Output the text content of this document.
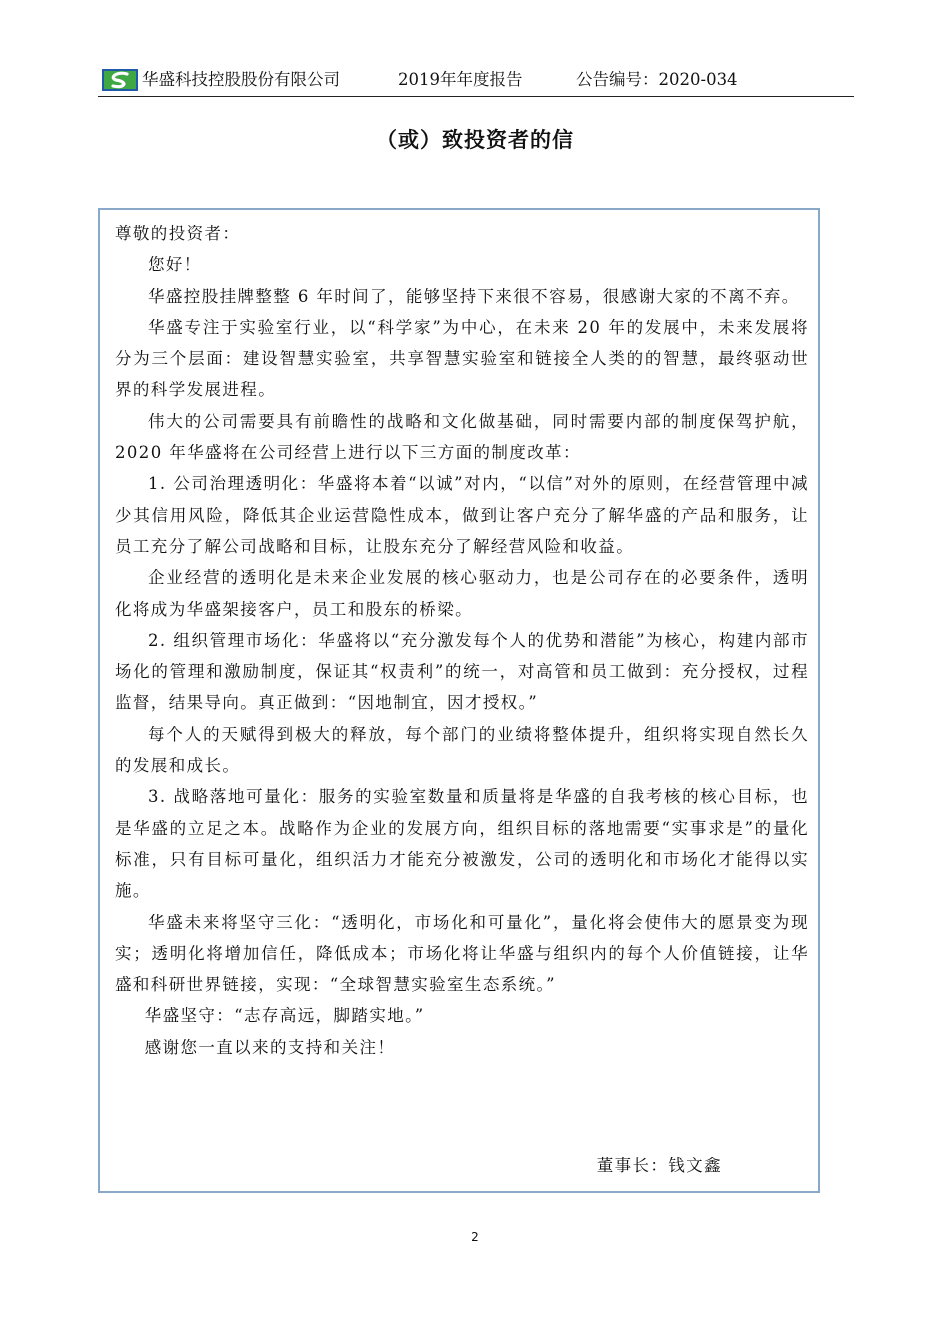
华盛科技控股股份有限公司	2019年年度报告	公告编号：2020-034
（或）致投资者的信

尊敬的投资者：

您好！

华盛控股挂牌整整 6 年时间了，能够坚持下来很不容易，很感谢大家的不离不弃。

华盛专注于实验室行业，以“科学家”为中心，在未来 20 年的发展中，未来发展将分为三个层面：建设智慧实验室，共享智慧实验室和链接全人类的的智慧，最终驱动世界的科学发展进程。

伟大的公司需要具有前瞻性的战略和文化做基础，同时需要内部的制度保驾护航，2020 年华盛将在公司经营上进行以下三方面的制度改革：

1. 公司治理透明化：华盛将本着“以诚”对内，“以信”对外的原则，在经营管理中减少其信用风险，降低其企业运营隐性成本，做到让客户充分了解华盛的产品和服务，让员工充分了解公司战略和目标，让股东充分了解经营风险和收益。

企业经营的透明化是未来企业发展的核心驱动力，也是公司存在的必要条件，透明化将成为华盛架接客户，员工和股东的桥梁。

2. 组织管理市场化：华盛将以“充分激发每个人的优势和潜能”为核心，构建内部市场化的管理和激励制度，保证其“权责利”的统一，对高管和员工做到：充分授权，过程监督，结果导向。真正做到：“因地制宜，因才授权。”

每个人的天赋得到极大的释放，每个部门的业绩将整体提升，组织将实现自然长久的发展和成长。

3. 战略落地可量化：服务的实验室数量和质量将是华盛的自我考核的核心目标，也是华盛的立足之本。战略作为企业的发展方向，组织目标的落地需要“实事求是”的量化标准，只有目标可量化，组织活力才能充分被激发，公司的透明化和市场化才能得以实施。

华盛未来将坚守三化：“透明化，市场化和可量化”，量化将会使伟大的愿景变为现实；透明化将增加信任，降低成本；市场化将让华盛与组织内的每个人价值链接，让华盛和科研世界链接，实现：“全球智慧实验室生态系统。”

华盛坚守：“志存高远，脚踏实地。”

感谢您一直以来的支持和关注！

董事长：钱文鑫
2
